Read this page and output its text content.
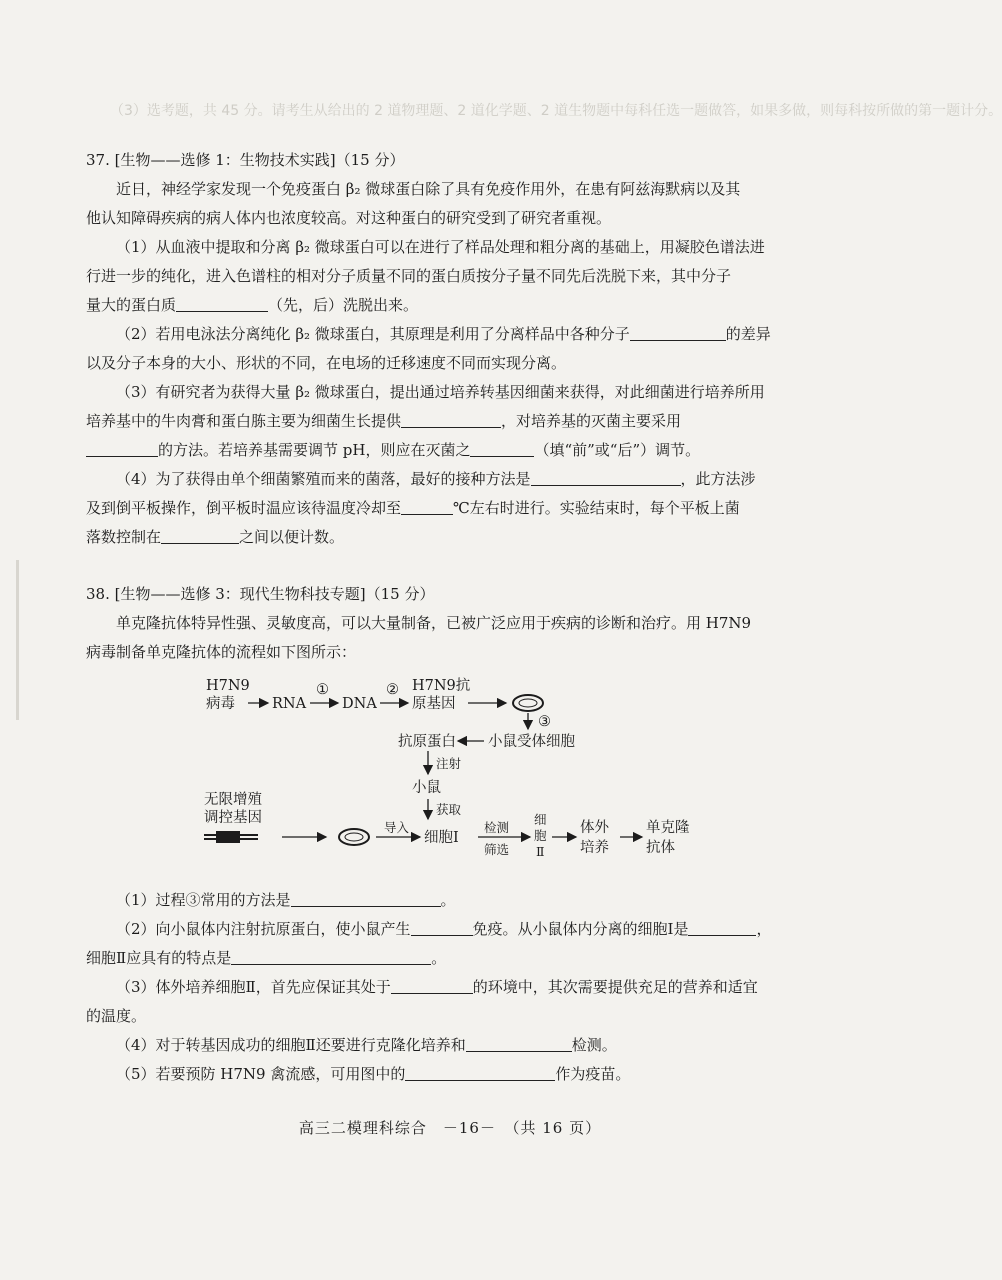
（3）选考题，共 45 分。请考生从给出的 2 道物理题、2 道化学题、2 道生物题中每科任选一题做答，如果多做，则每科按所做的第一题计分。

37. [生物——选修 1：生物技术实践]（15 分）

近日，神经学家发现一个免疫蛋白 β₂ 微球蛋白除了具有免疫作用外，在患有阿兹海默病以及其

他认知障碍疾病的病人体内也浓度较高。对这种蛋白的研究受到了研究者重视。

（1）从血液中提取和分离 β₂ 微球蛋白可以在进行了样品处理和粗分离的基础上，用凝胶色谱法进

行进一步的纯化，进入色谱柱的相对分子质量不同的蛋白质按分子量不同先后洗脱下来，其中分子

量大的蛋白质	（先，后）洗脱出来。

（2）若用电泳法分离纯化 β₂ 微球蛋白，其原理是利用了分离样品中各种分子	的差异

以及分子本身的大小、形状的不同，在电场的迁移速度不同而实现分离。

（3）有研究者为获得大量 β₂ 微球蛋白，提出通过培养转基因细菌来获得，对此细菌进行培养所用

培养基中的牛肉膏和蛋白胨主要为细菌生长提供	，对培养基的灭菌主要采用

的方法。若培养基需要调节 pH，则应在灭菌之	（填“前”或“后”）调节。

（4）为了获得由单个细菌繁殖而来的菌落，最好的接种方法是	，此方法涉

及到倒平板操作，倒平板时温应该待温度冷却至	℃左右时进行。实验结束时，每个平板上菌

落数控制在	之间以便计数。

38. [生物——选修 3：现代生物科技专题]（15 分）

单克隆抗体特异性强、灵敏度高，可以大量制备，已被广泛应用于疾病的诊断和治疗。用 H7N9

病毒制备单克隆抗体的流程如下图所示：

H7N9
病毒	RNA
①
DNA
② H7N9抗
原基因
③
抗原蛋白 小鼠受体细胞
注射
小鼠
获取
无限增殖
调控基因
导入
细胞Ⅰ
检测
筛选
细
胞
Ⅱ
体外
培养
单克隆
抗体

（1）过程③常用的方法是	。

（2）向小鼠体内注射抗原蛋白，使小鼠产生	免疫。从小鼠体内分离的细胞Ⅰ是	，

细胞Ⅱ应具有的特点是	。

（3）体外培养细胞Ⅱ，首先应保证其处于	的环境中，其次需要提供充足的营养和适宜

的温度。

（4）对于转基因成功的细胞Ⅱ还要进行克隆化培养和	检测。

（5）若要预防 H7N9 禽流感，可用图中的	作为疫苗。

高三二模理科综合　－16－　（共 16 页）
